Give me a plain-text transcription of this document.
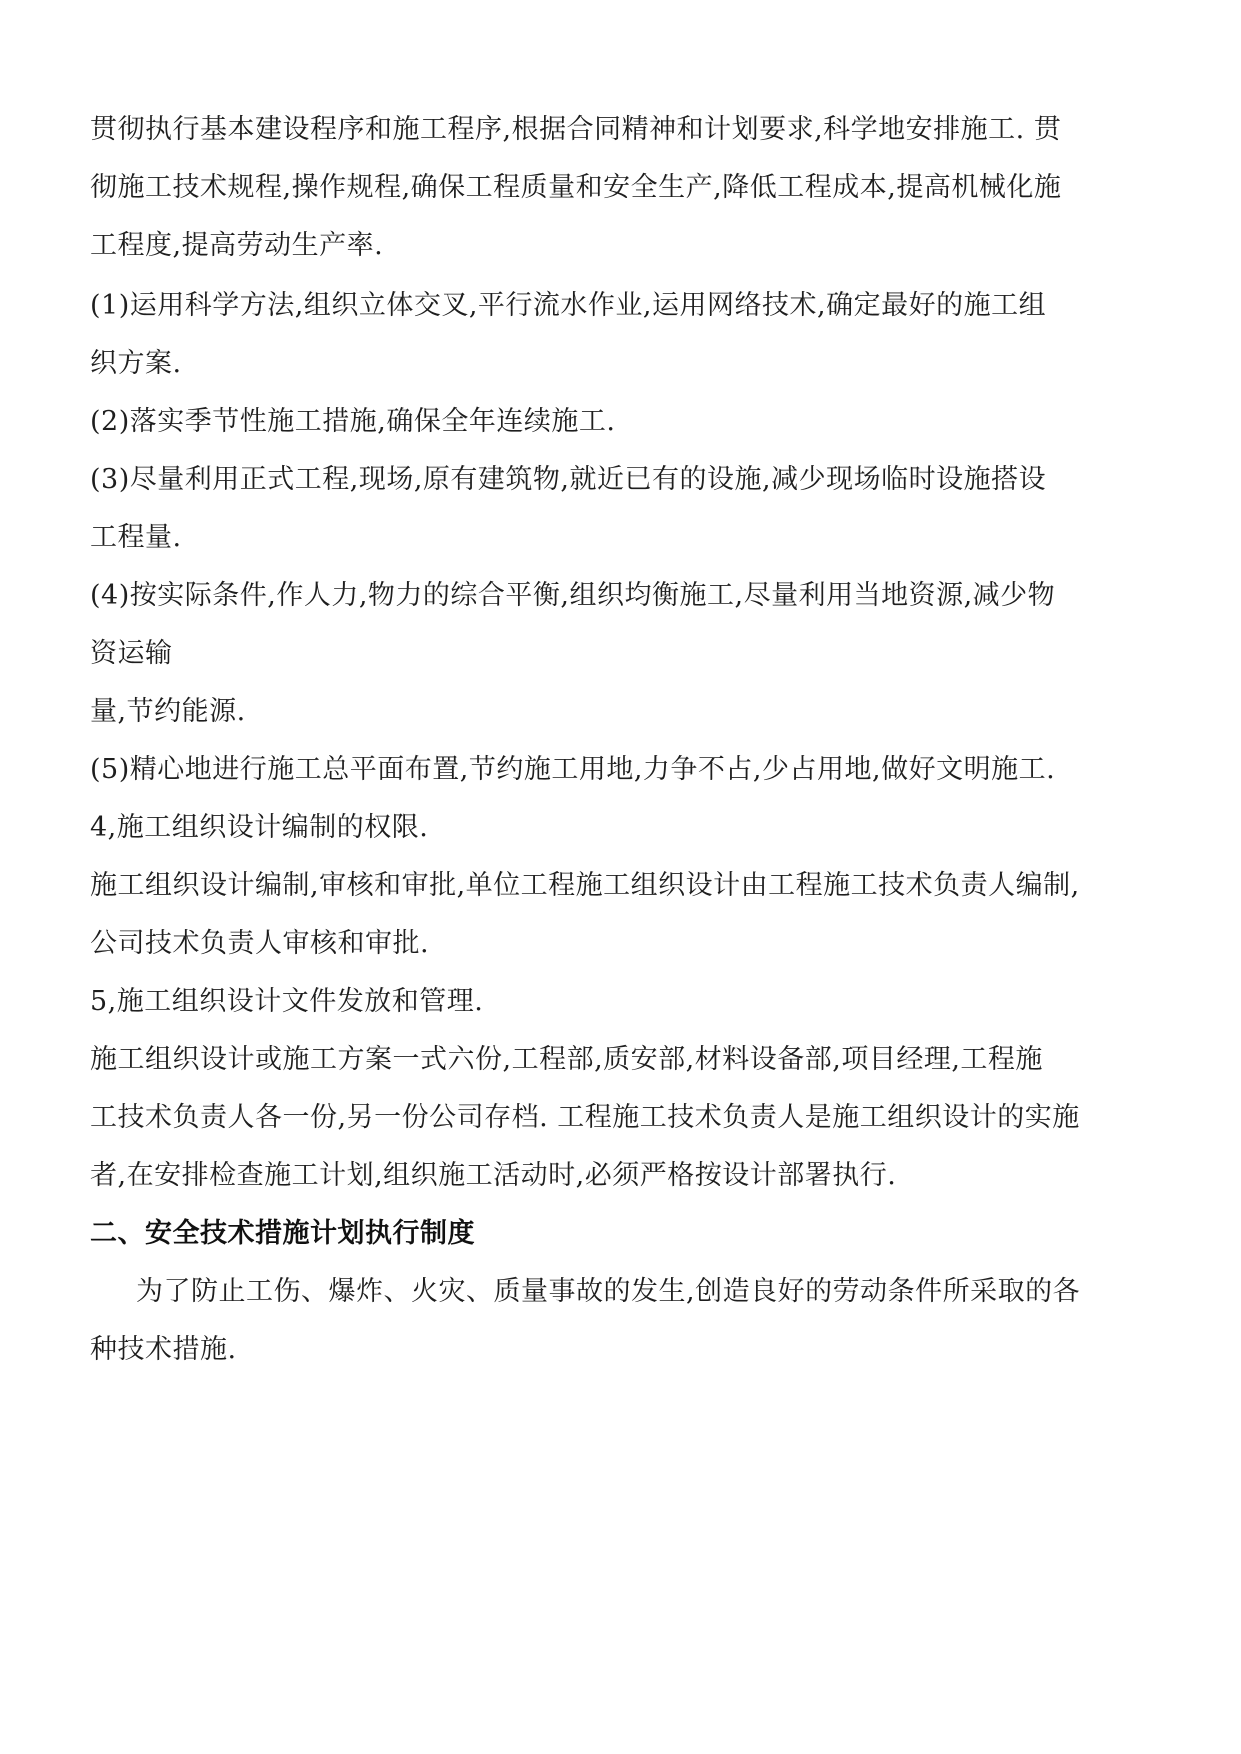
贯彻执行基本建设程序和施工程序,根据合同精神和计划要求,科学地安排施工. 贯
彻施工技术规程,操作规程,确保工程质量和安全生产,降低工程成本,提高机械化施
工程度,提高劳动生产率.
(1)运用科学方法,组织立体交叉,平行流水作业,运用网络技术,确定最好的施工组
织方案.
(2)落实季节性施工措施,确保全年连续施工.
(3)尽量利用正式工程,现场,原有建筑物,就近已有的设施,减少现场临时设施搭设
工程量.
(4)按实际条件,作人力,物力的综合平衡,组织均衡施工,尽量利用当地资源,减少物
资运输
量,节约能源.
(5)精心地进行施工总平面布置,节约施工用地,力争不占,少占用地,做好文明施工.
4,施工组织设计编制的权限.
施工组织设计编制,审核和审批,单位工程施工组织设计由工程施工技术负责人编制,
公司技术负责人审核和审批.
5,施工组织设计文件发放和管理.
施工组织设计或施工方案一式六份,工程部,质安部,材料设备部,项目经理,工程施
工技术负责人各一份,另一份公司存档. 工程施工技术负责人是施工组织设计的实施
者,在安排检查施工计划,组织施工活动时,必须严格按设计部署执行.
二、安全技术措施计划执行制度
为了防止工伤、爆炸、火灾、质量事故的发生,创造良好的劳动条件所采取的各
种技术措施.
